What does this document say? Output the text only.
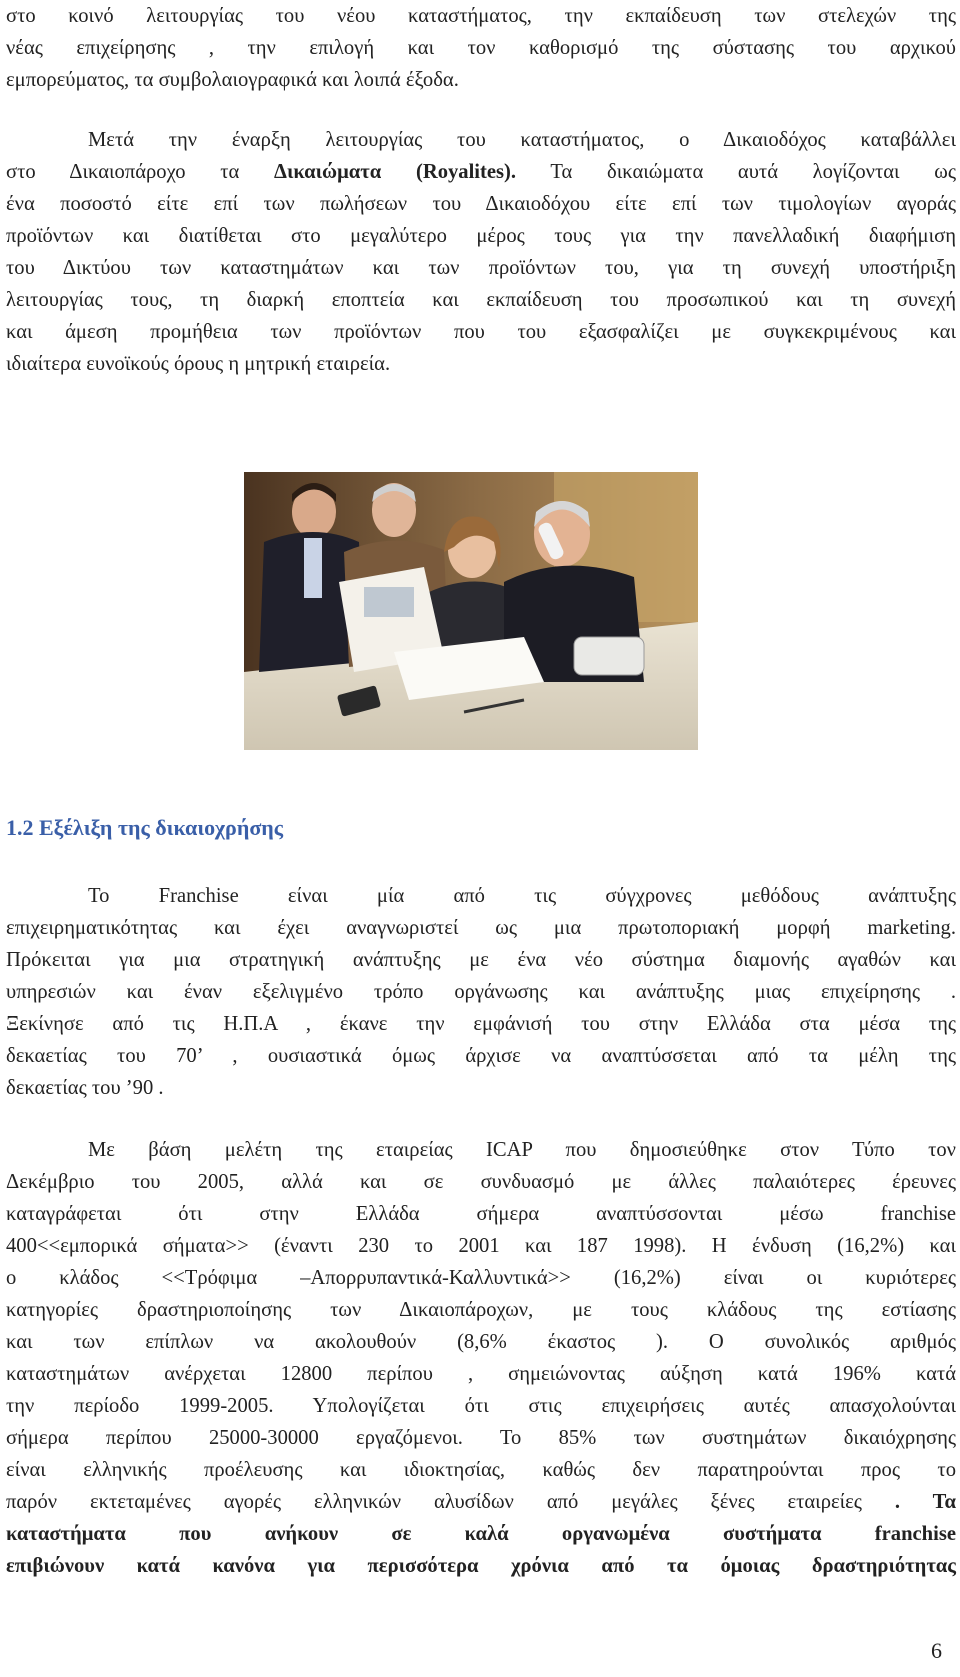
στο κοινό λειτουργίας του νέου καταστήματος, την εκπαίδευση των στελεχών της
νέας επιχείρησης , την επιλογή και τον καθορισμό της σύστασης του αρχικού
εμπορεύματος, τα συμβολαιογραφικά και λοιπά έξοδα.
Μετά την έναρξη λειτουργίας του καταστήματος, ο Δικαιοδόχος καταβάλλει
στο Δικαιοπάροχο τα Δικαιώματα (Royalites). Τα δικαιώματα αυτά λογίζονται ως
ένα ποσοστό είτε επί των πωλήσεων του Δικαιοδόχου είτε επί των τιμολογίων αγοράς
προϊόντων και διατίθεται στο μεγαλύτερο μέρος τους για την πανελλαδική διαφήμιση
του Δικτύου των καταστημάτων και των προϊόντων του, για τη συνεχή υποστήριξη
λειτουργίας τους, τη διαρκή εποπτεία και εκπαίδευση του προσωπικού και τη συνεχή
και άμεση προμήθεια των προϊόντων που του εξασφαλίζει με συγκεκριμένους και
ιδιαίτερα ευνοϊκούς όρους η μητρική εταιρεία.
1.2 Εξέλιξη της δικαιοχρήσης
Το Franchise είναι μία από τις σύγχρονες μεθόδους ανάπτυξης
επιχειρηματικότητας και έχει αναγνωριστεί ως μια πρωτοποριακή μορφή marketing.
Πρόκειται για μια στρατηγική ανάπτυξης με ένα νέο σύστημα διαμονής αγαθών και
υπηρεσιών και έναν εξελιγμένο τρόπο οργάνωσης και ανάπτυξης μιας επιχείρησης .
Ξεκίνησε από τις Η.Π.Α , έκανε την εμφάνισή του στην Ελλάδα στα μέσα της
δεκαετίας του 70’ , ουσιαστικά όμως άρχισε να αναπτύσσεται από τα μέλη της
δεκαετίας του ’90 .
Με βάση μελέτη της εταιρείας ICAP που δημοσιεύθηκε στον Τύπο τον
Δεκέμβριο του 2005, αλλά και σε συνδυασμό με άλλες παλαιότερες έρευνες
καταγράφεται ότι στην Ελλάδα σήμερα αναπτύσσονται μέσω franchise
400<<εμπορικά σήματα>> (έναντι 230 το 2001 και 187 1998). Η ένδυση (16,2%) και
ο κλάδος <<Τρόφιμα –Απορρυπαντικά-Καλλυντικά>> (16,2%) είναι οι κυριότερες
κατηγορίες δραστηριοποίησης των Δικαιοπάροχων, με τους κλάδους της εστίασης
και των επίπλων να ακολουθούν (8,6% έκαστος ). Ο συνολικός αριθμός
καταστημάτων ανέρχεται 12800 περίπου , σημειώνοντας αύξηση κατά 196% κατά
την περίοδο 1999-2005. Υπολογίζεται ότι στις επιχειρήσεις αυτές απασχολούνται
σήμερα περίπου 25000-30000 εργαζόμενοι. Το 85% των συστημάτων δικαιόχρησης
είναι ελληνικής προέλευσης και ιδιοκτησίας, καθώς δεν παρατηρούνται προς το
παρόν εκτεταμένες αγορές ελληνικών αλυσίδων από μεγάλες ξένες εταιρείες . Τα
καταστήματα που ανήκουν σε καλά οργανωμένα συστήματα franchise
επιβιώνουν κατά κανόνα για περισσότερα χρόνια από τα όμοιας δραστηριότητας
6
